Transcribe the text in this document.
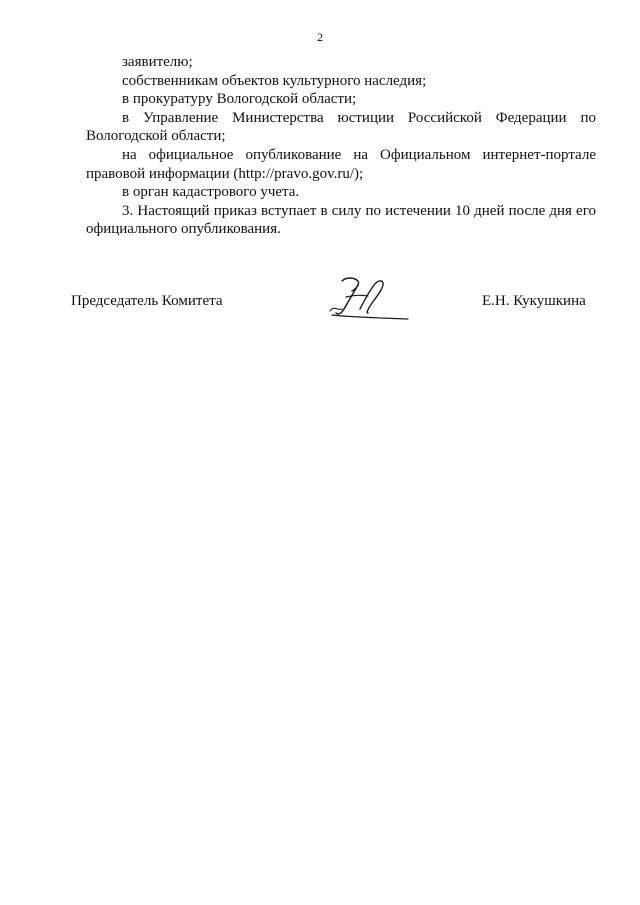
2

заявителю;

собственникам объектов культурного наследия;

в прокуратуру Вологодской области;

в Управление Министерства юстиции Российской Федерации по Вологодской области;

на официальное опубликование на Официальном интернет-портале правовой информации (http://pravo.gov.ru/);

в орган кадастрового учета.

3. Настоящий приказ вступает в силу по истечении 10 дней после дня его официального опубликования.

Председатель Комитета	Е.Н. Кукушкина
